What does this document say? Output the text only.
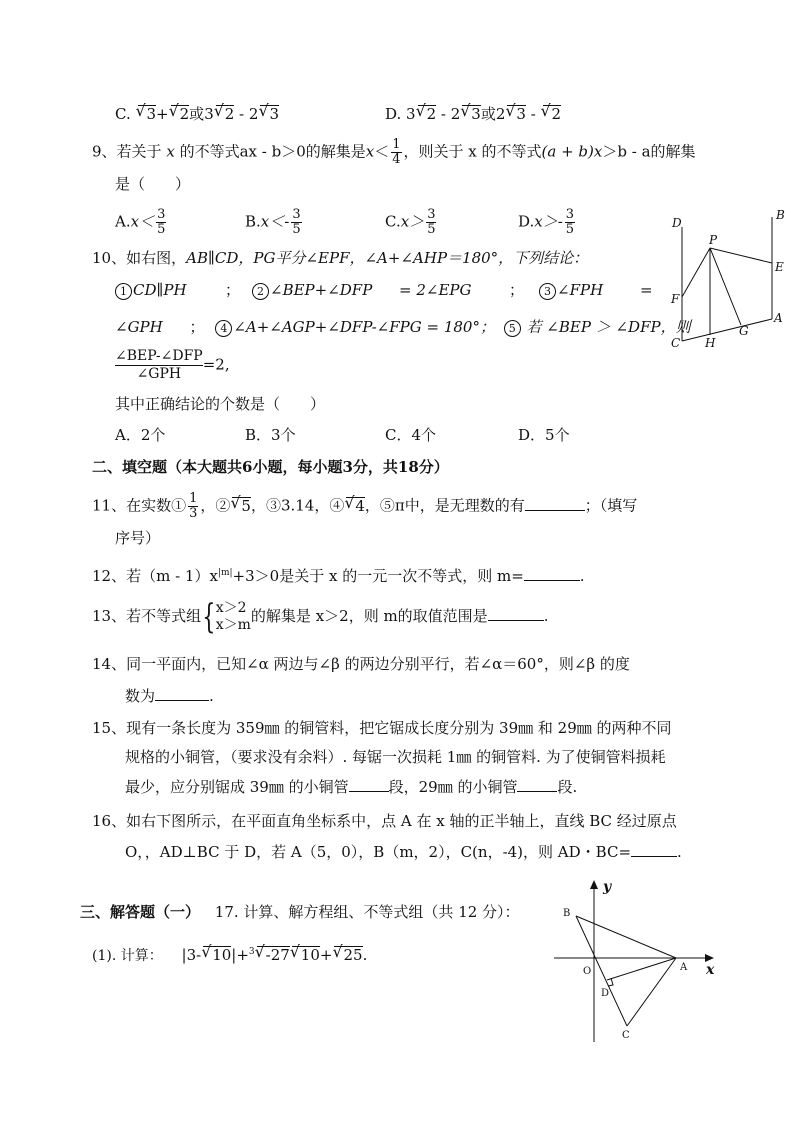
C. √ 3+ √ 2或3 √ 2 - 2 √ 3	D. 3 √ 2 - 2 √ 3或2 √ 3 - √ 2
9、若关于 x 的不等式ax - b＞0的解集是$x< \frac{1}{4}$ ，则关于 x 的不等式(a + b)x＞b - a的解集
是（　　）
$A.x< \frac{3}{5}$	$B.x<- \frac{3}{5}$	$C.x> \frac{3}{5}$	$D.x>- \frac{3}{5}$	D
B
P
E
F
A
C H
G
10、如右图，AB∥CD，PG平分∠EPF，∠A+∠AHP＝180°，下列结论：
1 CD∥PH	；	2 ∠BEP+∠DFP = 2∠EPG	；	3 ∠FPH =
∠GPH ； 4 ∠A+∠AGP+∠DFP-∠FPG = 180°； 5 若 ∠BEP ＞ ∠DFP，则
∠BEP-∠DFP
∠GPH
=2,
其中正确结论的个数是（　　）
A．2个	B．3个	C．4个	D．5个
二、填空题（本大题共6小题，每小题3分，共18分）
11、在实数① $\frac{1}{3}$ ，② √ 5，③3.14，④ √ 4，⑤π中，是无理数的有	；（填写
序号）
12、若$(m - 1)x^{|m|}+3>0$是关于 x 的一元一次不等式，则 m=	.
13、若不等式组{ x＞2
x＞m 的解集是 x＞2，则 m的取值范围是	.
14、同一平面内，已知∠α 两边与∠β 的两边分别平行，若∠α＝60°，则∠β 的度
数为	.
15、现有一条长度为 359㎜ 的铜管料，把它锯成长度分别为 39㎜ 和 29㎜ 的两种不同
规格的小铜管，（要求没有余料）. 每锯一次损耗 1㎜ 的铜管料. 为了使铜管料损耗
最少，应分别锯成 39㎜ 的小铜管	段，29㎜ 的小铜管	段.
16、如右下图所示，在平面直角坐标系中，点 A 在 x 轴的正半轴上，直线 BC 经过原点
O，，AD⊥BC 于 D，若 A（5，0），B（m，2），C(n，-4)，则 AD・BC=	.
三、解答题（一） 17. 计算、解方程组、不等式组（共 12 分）：
(1). 计算： |3- √ 10|+$^3$ √ -27 √ 10+ √ 25.
y
B
O	A x
D
C
